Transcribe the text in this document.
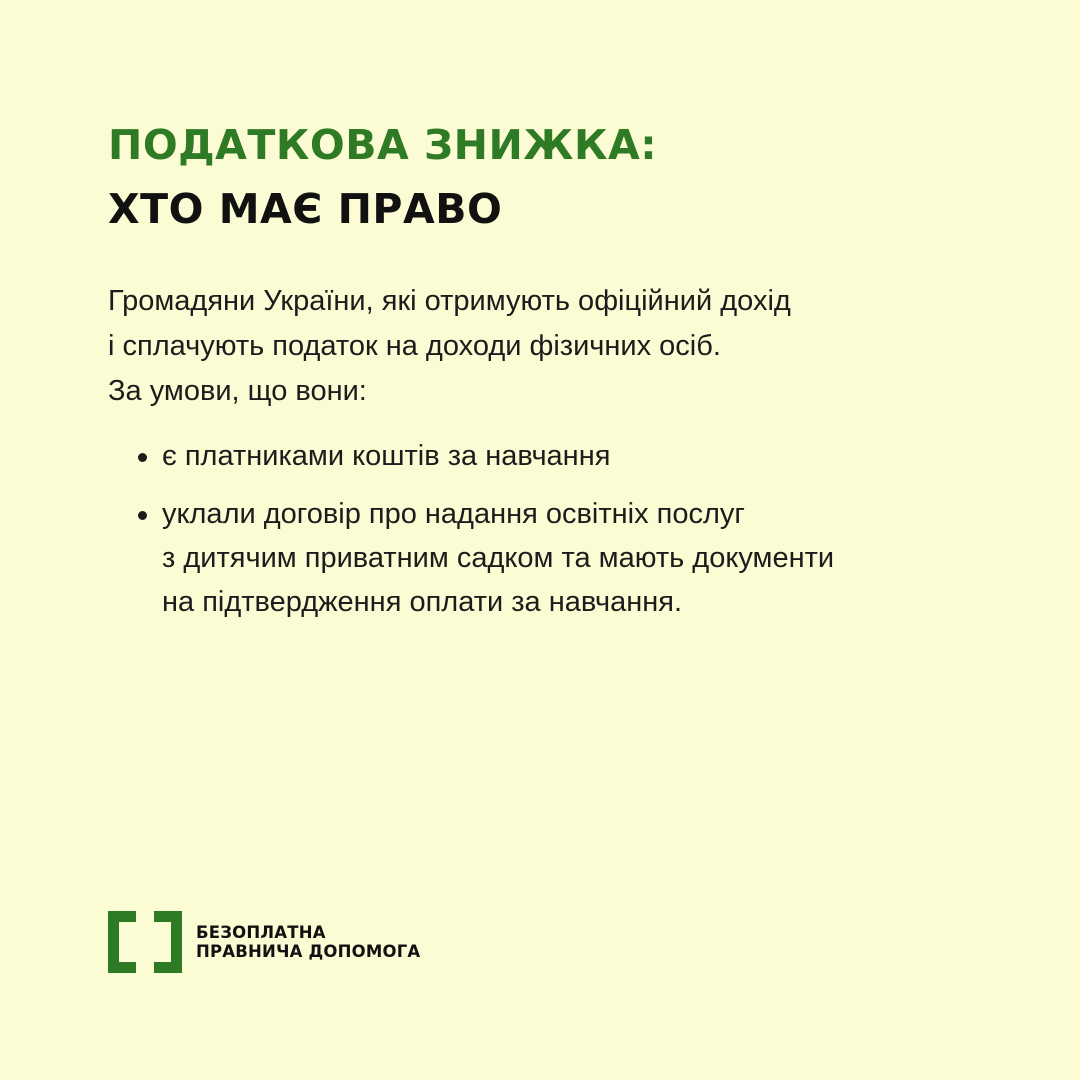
ПОДАТКОВА ЗНИЖКА:
ХТО МАЄ ПРАВО

Громадяни України, які отримують офіційний дохід
і сплачують податок на доходи фізичних осіб.
За умови, що вони:

є платниками коштів за навчання
уклали договір про надання освітніх послуг
з дитячим приватним садком та мають документи
на підтвердження оплати за навчання.
БЕЗОПЛАТНА
ПРАВНИЧА ДОПОМОГА
